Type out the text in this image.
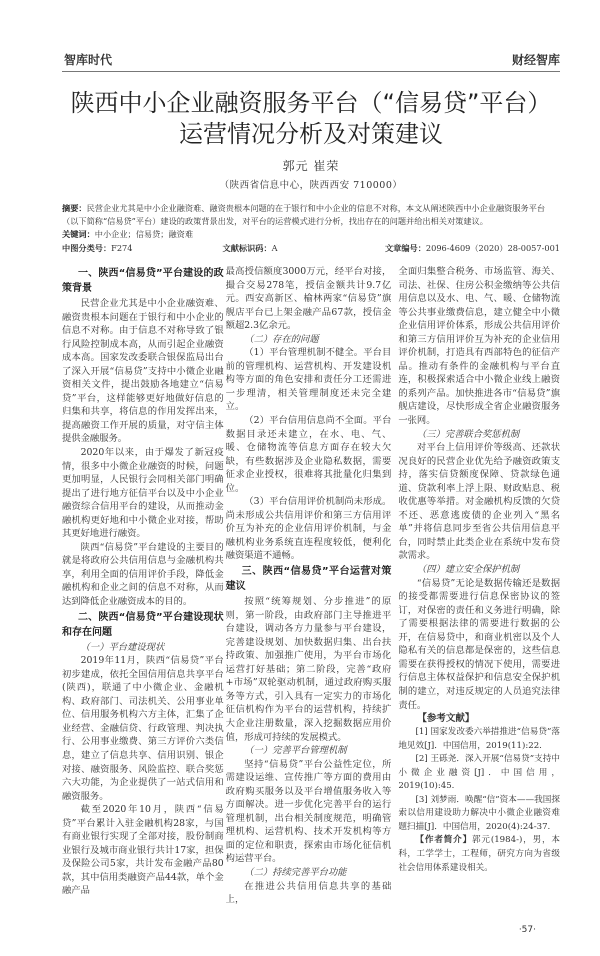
智库时代	财经智库
陕西中小企业融资服务平台（“信易贷”平台）
运营情况分析及对策建议
郭元 崔荣
（陕西省信息中心，陕西西安 710000）
摘要：民营企业尤其是中小企业融资难、融资贵根本问题的在于银行和中小企业的信息不对称，本文从阐述陕西中小企业融资服务平台（以下简称“信易贷”平台）建设的政策背景出发，对平台的运营模式进行分析，找出存在的问题并给出相关对策建议。
关键词：中小企业；信易贷；融资难
中图分类号：F274	文献标识码：A	文章编号：2096-4609（2020）28-0057-001
一、陕西“信易贷”平台建设的政策背景

民营企业尤其是中小企业融资难、融资贵根本问题在于银行和中小企业的信息不对称。由于信息不对称导致了银行风险控制成本高，从而引起企业融资成本高。国家发改委联合银保监局出台了深入开展“信易贷”支持中小微企业融资相关文件，提出鼓励各地建立“信易贷”平台，这样能够更好地做好信息的归集和共享，将信息的作用发挥出来，提高融资工作开展的质量，对守信主体提供金融服务。

2020年以来，由于爆发了新冠疫情，很多中小微企业融资的时候，问题更加明显，人民银行会同相关部门明确提出了进行地方征信平台以及中小企业融资综合信用平台的建设，从而推动金融机构更好地和中小微企业对接，帮助其更好地进行融资。

陕西“信易贷”平台建设的主要目的就是将政府公共信用信息与金融机构共享，利用全面的信用评价手段，降低金融机构和企业之间的信息不对称，从而达到降低企业融资成本的目的。

二、陕西“信易贷”平台建设现状和存在问题
（一）平台建设现状

2019年11月，陕西“信易贷”平台初步建成，依托全国信用信息共享平台(陕西)，联通了中小微企业、金融机构、政府部门、司法机关、公用事业单位、信用服务机构六方主体，汇集了企业经营、金融信贷、行政管理、判决执行、公用事业缴费、第三方评价六类信息，建立了信息共享、信用识别、银企对接、融资服务、风险监控、联合奖惩六大功能，为企业提供了一站式信用和融资服务。

截至2020年10月，陕西“信易贷”平台累计入驻金融机构28家，与国有商业银行实现了全部对接，股份制商业银行及城市商业银行共计17家，担保及保险公司5家，共计发布金融产品80款，其中信用类融资产品44款，单个金融产品

最高授信额度3000万元，经平台对接，撮合交易278笔，授信金额共计9.7亿元。西安高新区、榆林两家“信易贷”旗舰店平台已上架金融产品67款，授信金额超2.3亿余元。

（二）存在的问题

（1）平台管理机制不健全。平台目前的管理机构、运营机构、开发建设机构等方面的角色安排和责任分工还需进一步理清，相关管理制度还未完全建立。

（2）平台信用信息尚不全面。平台数据目录还未建立，在水、电、气、暖、仓储物流等信息方面存在较大欠缺，有些数据涉及企业隐私数据，需要征求企业授权，很难将其批量化归集到位。

（3）平台信用评价机制尚未形成。尚未形成公共信用评价和第三方信用评价互为补充的企业信用评价机制，与金融机构业务系统直连程度较低，便利化融资渠道不通畅。

三、陕西“信易贷”平台运营对策建议

按照“统筹规划、分步推进”的原则，第一阶段，由政府部门主导推进平台建设，调动各方力量参与平台建设，完善建设规划、加快数据归集、出台扶持政策、加强推广使用，为平台市场化运营打好基础；第二阶段，完善“政府+市场”双轮驱动机制，通过政府购买服务等方式，引入具有一定实力的市场化征信机构作为平台的运营机构，持续扩大企业注册数量，深入挖掘数据应用价值，形成可持续的发展模式。

（一）完善平台管理机制

坚持“信易贷”平台公益性定位，所需建设运维、宣传推广等方面的费用由政府购买服务以及平台增值服务收入等方面解决。进一步优化完善平台的运行管理机制，出台相关制度规范，明确管理机构、运营机构、技术开发机构等方面的定位和职责，探索由市场化征信机构运营平台。

（二）持续完善平台功能

在推进公共信用信息共享的基础上，

全面归集整合税务、市场监管、海关、司法、社保、住房公积金缴纳等公共信用信息以及水、电、气、暖、仓储物流等公共事业缴费信息，建立健全中小微企业信用评价体系，形成公共信用评价和第三方信用评价互为补充的企业信用评价机制，打造具有西部特色的征信产品。推动有条件的金融机构与平台直连，积极探索适合中小微企业线上融资的系列产品。加快推进各市“信易贷”旗舰店建设，尽快形成全省企业融资服务一张网。

（三）完善联合奖惩机制

对平台上信用评价等级高、还款状况良好的民营企业优先给予融资政策支持，落实信贷额度保障、贷款绿色通道、贷款利率上浮上限、财政贴息、税收优惠等举措。对金融机构反馈的欠贷不还、恶意逃废债的企业列入“黑名单”并将信息同步至省公共信用信息平台，同时禁止此类企业在系统中发布贷款需求。

（四）建立安全保护机制

“信易贷”无论是数据传输还是数据的接受都需要进行信息保密协议的签订，对保密的责任和义务进行明确，除了需要根据法律的需要进行数据的公开，在信易贷中，和商业机密以及个人隐私有关的信息都是保密的，这些信息需要在获得授权的情况下使用，需要进行信息主体权益保护和信息安全保护机制的建立，对违反规定的人员追究法律责任。

【参考文献】
[1] 国家发改委六举措推进“信易贷”落地见效[J]．中国信用，2019(11):22.
[2] 王砾尧．深入开展“信易贷”支持中小微企业融资[J]．中国信用，2019(10):45.
[3] 刘梦雨．唤醒“信”资本——我国探索以信用建设助力解决中小微企业融资难题扫描[J]．中国信用，2020(4):24-37.
【作者简介】郭元(1984-)，男，本科，工学学士，工程师，研究方向为省级社会信用体系建设相关。
·57·
